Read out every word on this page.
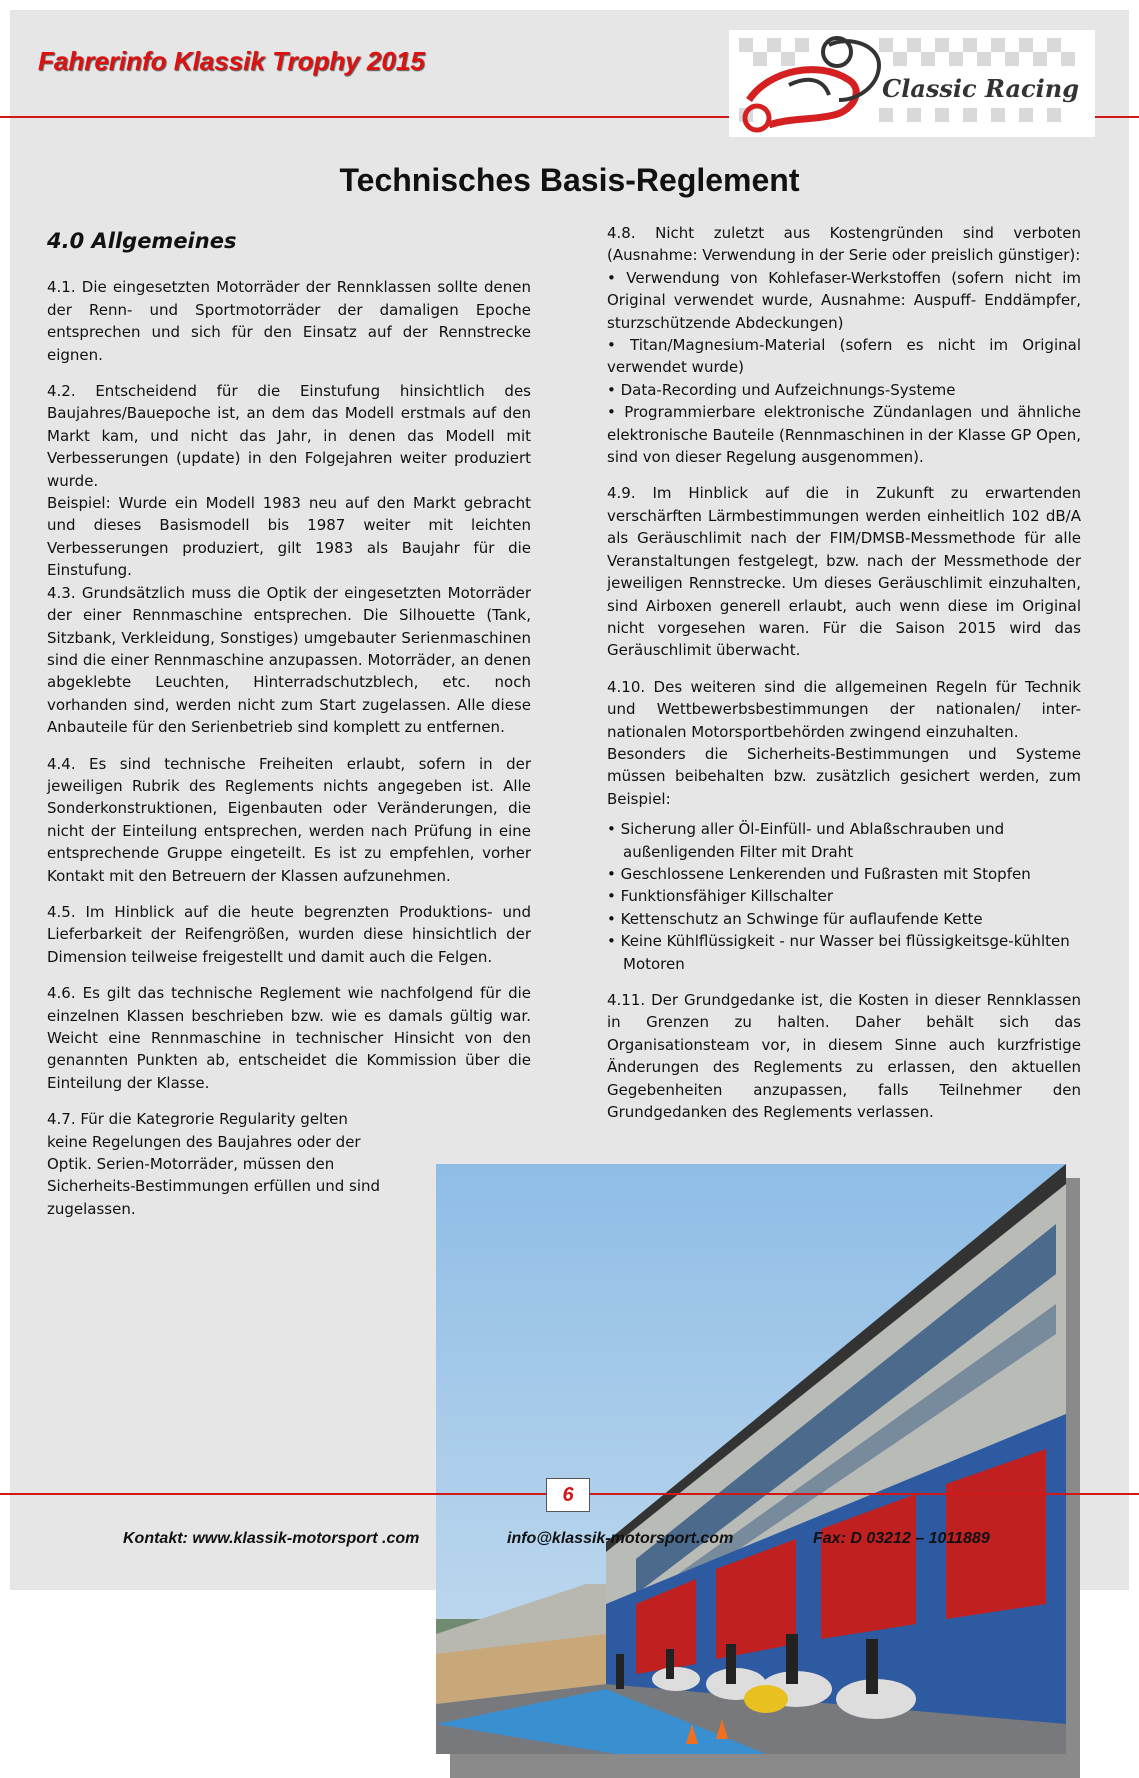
Fahrerinfo Klassik Trophy 2015
Classic Racing
Technisches Basis-Reglement

4.0 Allgemeines

4.1. Die eingesetzten Motorräder der Rennklassen sollte denen der Renn- und Sportmotorräder der damaligen Epoche entsprechen und sich für den Einsatz auf der Rennstrecke eignen.

4.2. Entscheidend für die Einstufung hinsichtlich des Baujahres/Bauepoche ist, an dem das Modell erstmals auf den Markt kam, und nicht das Jahr, in denen das Modell mit Verbesserungen (update) in den Folgejahren weiter produziert wurde.

Beispiel: Wurde ein Modell 1983 neu auf den Markt gebracht und dieses Basismodell bis 1987 weiter mit leichten Verbesserungen produziert, gilt 1983 als Baujahr für die Einstufung.

4.3. Grundsätzlich muss die Optik der eingesetzten Motorräder der einer Rennmaschine entsprechen. Die Silhouette (Tank, Sitzbank, Verkleidung, Sonstiges) umgebauter Serienmaschinen sind die einer Rennmaschine anzupassen. Motorräder, an denen abgeklebte Leuchten, Hinterradschutzblech, etc. noch vorhanden sind, werden nicht zum Start zugelassen. Alle diese Anbauteile für den Serienbetrieb sind komplett zu entfernen.

4.4. Es sind technische Freiheiten erlaubt, sofern in der jeweiligen Rubrik des Reglements nichts angegeben ist. Alle Sonderkonstruktionen, Eigenbauten oder Veränderungen, die nicht der Einteilung entsprechen, werden nach Prüfung in eine entsprechende Gruppe eingeteilt. Es ist zu empfehlen, vorher Kontakt mit den Betreuern der Klassen aufzunehmen.

4.5. Im Hinblick auf die heute begrenzten Produktions- und Lieferbarkeit der Reifengrößen, wurden diese hinsichtlich der Dimension teilweise freigestellt und damit auch die Felgen.

4.6. Es gilt das technische Reglement wie nachfolgend für die einzelnen Klassen beschrieben bzw. wie es damals gültig war. Weicht eine Rennmaschine in technischer Hinsicht von den genannten Punkten ab, entscheidet die Kommission über die Einteilung der Klasse.

4.7. Für die Kategrorie Regularity gelten keine Regelungen des Baujahres oder der Optik. Serien-Motorräder, müssen den Sicherheits-Bestimmungen erfüllen und sind zugelassen.

4.8. Nicht zuletzt aus Kostengründen sind verboten (Ausnahme: Verwendung in der Serie oder preislich günstiger):

• Verwendung von Kohlefaser-Werkstoffen (sofern nicht im Original verwendet wurde, Ausnahme: Auspuff- Enddämpfer, sturzschützende Abdeckungen)

• Titan/Magnesium-Material (sofern es nicht im Original verwendet wurde)

• Data-Recording und Aufzeichnungs-Systeme

• Programmierbare elektronische Zündanlagen und ähnliche elektronische Bauteile (Rennmaschinen in der Klasse GP Open, sind von dieser Regelung ausgenommen).

4.9. Im Hinblick auf die in Zukunft zu erwartenden verschärften Lärmbestimmungen werden einheitlich 102 dB/A als Geräuschlimit nach der FIM/DMSB-Messmethode für alle Veranstaltungen festgelegt, bzw. nach der Messmethode der jeweiligen Rennstrecke. Um dieses Geräuschlimit einzuhalten, sind Airboxen generell erlaubt, auch wenn diese im Original nicht vorgesehen waren. Für die Saison 2015 wird das Geräuschlimit überwacht.

4.10. Des weiteren sind die allgemeinen Regeln für Technik und Wettbewerbsbestimmungen der nationalen/ inter-nationalen Motorsportbehörden zwingend einzuhalten.

Besonders die Sicherheits-Bestimmungen und Systeme müssen beibehalten bzw. zusätzlich gesichert werden, zum Beispiel:

• Sicherung aller Öl-Einfüll- und Ablaßschrauben und außenligenden Filter mit Draht
• Geschlossene Lenkerenden und Fußrasten mit Stopfen
• Funktionsfähiger Killschalter
• Kettenschutz an Schwinge für auflaufende Kette
• Keine Kühlflüssigkeit - nur Wasser bei flüssigkeitsge-kühlten Motoren

4.11. Der Grundgedanke ist, die Kosten in dieser Rennklassen in Grenzen zu halten. Daher behält sich das Organisationsteam vor, in diesem Sinne auch kurzfristige Änderungen des Reglements zu erlassen, den aktuellen Gegebenheiten anzupassen, falls Teilnehmer den Grundgedanken des Reglements verlassen.

6
Kontakt: www.klassik-motorsport .com	info@klassik-motorsport.com	Fax: D 03212 – 1011889
